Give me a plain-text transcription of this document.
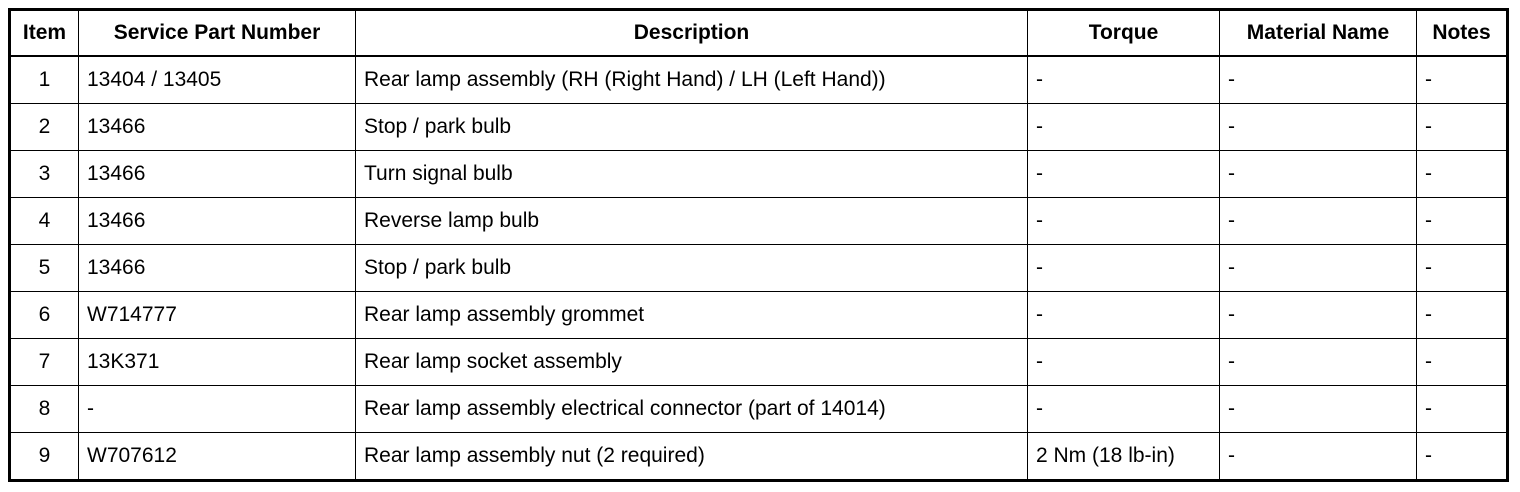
Item	Service Part Number	Description	Torque	Material Name	Notes
1	13404 / 13405	Rear lamp assembly (RH (Right Hand) / LH (Left Hand))	-	-	-
2	13466	Stop / park bulb	-	-	-
3	13466	Turn signal bulb	-	-	-
4	13466	Reverse lamp bulb	-	-	-
5	13466	Stop / park bulb	-	-	-
6	W714777	Rear lamp assembly grommet	-	-	-
7	13K371	Rear lamp socket assembly	-	-	-
8	-	Rear lamp assembly electrical connector (part of 14014)	-	-	-
9	W707612	Rear lamp assembly nut (2 required)	2 Nm (18 lb-in)	-	-
